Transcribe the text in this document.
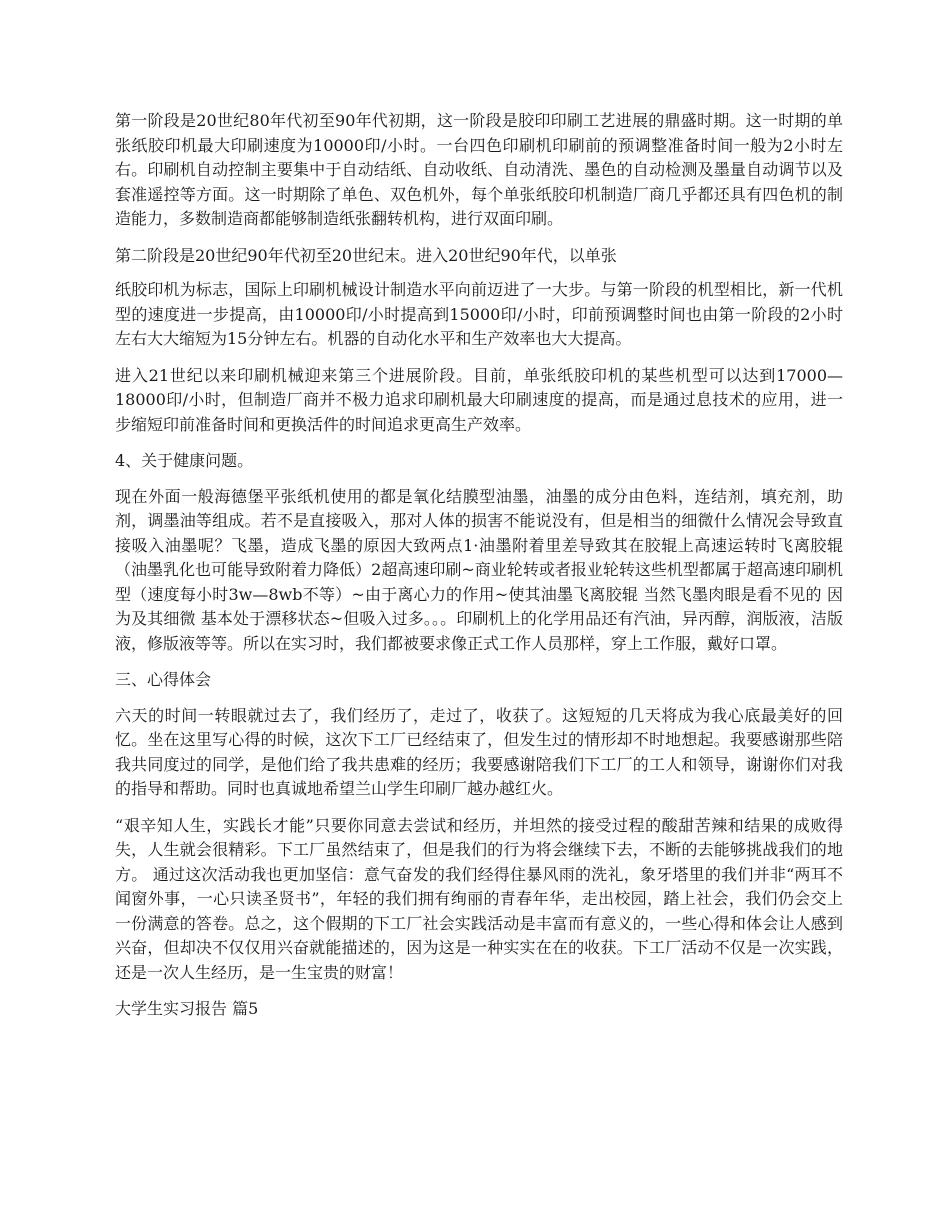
第一阶段是20世纪80年代初至90年代初期，这一阶段是胶印印刷工艺进展的鼎盛时期。这一时期的单张纸胶印机最大印刷速度为10000印/小时。一台四色印刷机印刷前的预调整准备时间一般为2小时左右。印刷机自动控制主要集中于自动结纸、自动收纸、自动清洗、墨色的自动检测及墨量自动调节以及套准遥控等方面。这一时期除了单色、双色机外，每个单张纸胶印机制造厂商几乎都还具有四色机的制造能力，多数制造商都能够制造纸张翻转机构，进行双面印刷。

第二阶段是20世纪90年代初至20世纪末。进入20世纪90年代，以单张

纸胶印机为标志，国际上印刷机械设计制造水平向前迈进了一大步。与第一阶段的机型相比，新一代机型的速度进一步提高，由10000印/小时提高到15000印/小时，印前预调整时间也由第一阶段的2小时左右大大缩短为15分钟左右。机器的自动化水平和生产效率也大大提高。

进入21世纪以来印刷机械迎来第三个进展阶段。目前，单张纸胶印机的某些机型可以达到17000—18000印/小时，但制造厂商并不极力追求印刷机最大印刷速度的提高，而是通过息技术的应用，进一步缩短印前准备时间和更换活件的时间追求更高生产效率。

4、关于健康问题。

现在外面一般海德堡平张纸机使用的都是氧化结膜型油墨，油墨的成分由色料，连结剂，填充剂，助剂，调墨油等组成。若不是直接吸入，那对人体的损害不能说没有，但是相当的细微什么情况会导致直接吸入油墨呢？飞墨，造成飞墨的原因大致两点1·油墨附着里差导致其在胶辊上高速运转时飞离胶辊（油墨乳化也可能导致附着力降低）2超高速印刷~商业轮转或者报业轮转这些机型都属于超高速印刷机型（速度每小时3w—8wb不等）~由于离心力的作用~使其油墨飞离胶辊 当然飞墨肉眼是看不见的 因为及其细微 基本处于漂移状态~但吸入过多。。。印刷机上的化学用品还有汽油，异丙醇，润版液，洁版液，修版液等等。所以在实习时，我们都被要求像正式工作人员那样，穿上工作服，戴好口罩。

三、心得体会

六天的时间一转眼就过去了，我们经历了，走过了，收获了。这短短的几天将成为我心底最美好的回忆。坐在这里写心得的时候，这次下工厂已经结束了，但发生过的情形却不时地想起。我要感谢那些陪我共同度过的同学，是他们给了我共患难的经历；我要感谢陪我们下工厂的工人和领导，谢谢你们对我的指导和帮助。同时也真诚地希望兰山学生印刷厂越办越红火。

“艰辛知人生，实践长才能”只要你同意去尝试和经历，并坦然的接受过程的酸甜苦辣和结果的成败得失，人生就会很精彩。下工厂虽然结束了，但是我们的行为将会继续下去，不断的去能够挑战我们的地方。 通过这次活动我也更加坚信：意气奋发的我们经得住暴风雨的洗礼，象牙塔里的我们并非“两耳不闻窗外事，一心只读圣贤书”，年轻的我们拥有绚丽的青春年华，走出校园，踏上社会，我们仍会交上一份满意的答卷。总之，这个假期的下工厂社会实践活动是丰富而有意义的，一些心得和体会让人感到兴奋，但却决不仅仅用兴奋就能描述的，因为这是一种实实在在的收获。下工厂活动不仅是一次实践，还是一次人生经历，是一生宝贵的财富！

大学生实习报告 篇5
